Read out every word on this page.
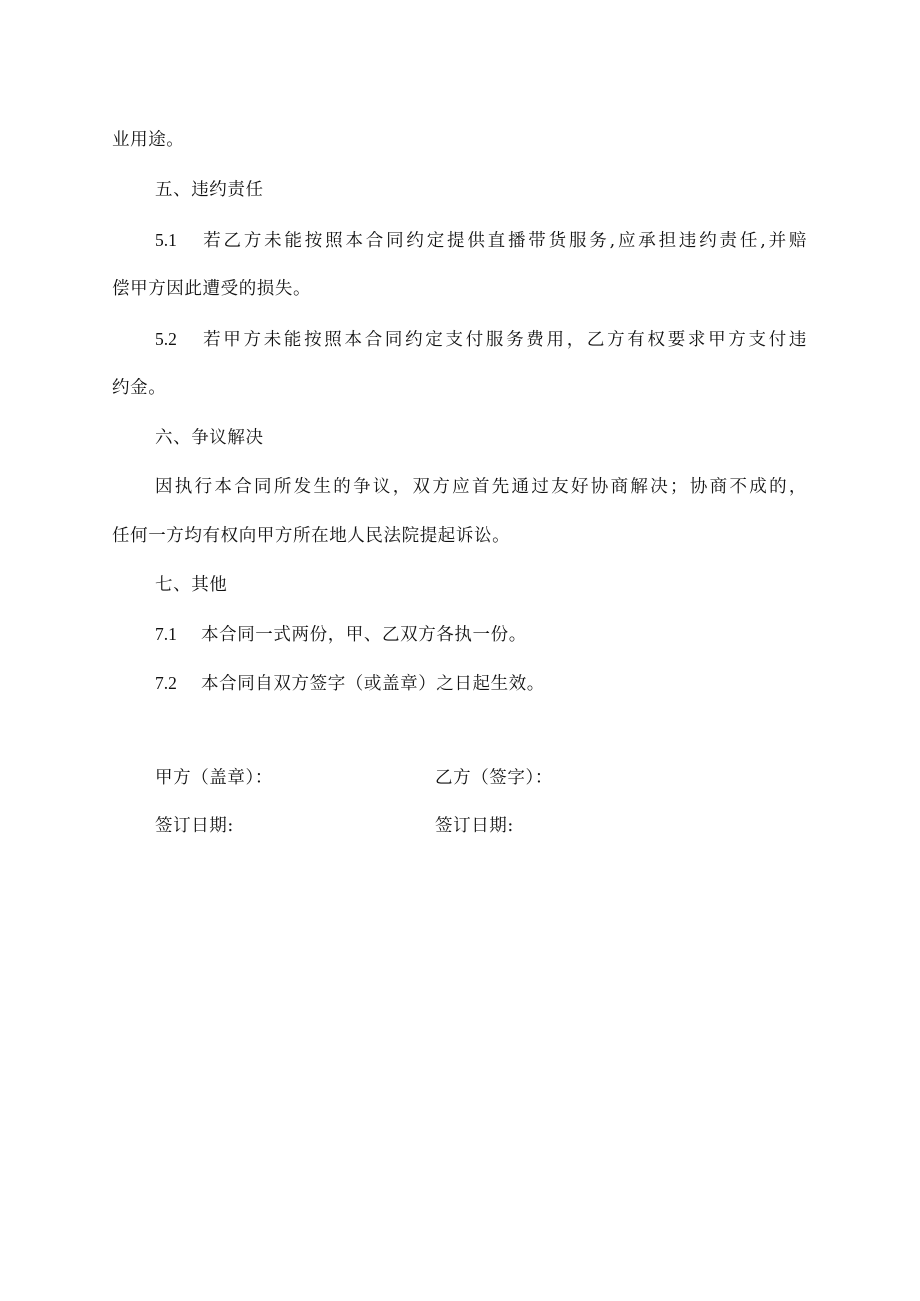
业用途。
五、违约责任
5.1 若乙方未能按照本合同约定提供直播带货服务,应承担违约责任,并赔
偿甲方因此遭受的损失。
5.2 若甲方未能按照本合同约定支付服务费用，乙方有权要求甲方支付违
约金。
六、争议解决
因执行本合同所发生的争议，双方应首先通过友好协商解决；协商不成的，
任何一方均有权向甲方所在地人民法院提起诉讼。
七、其他
7.1 本合同一式两份，甲、乙双方各执一份。
7.2 本合同自双方签字（或盖章）之日起生效。
甲方（盖章）：	乙方（签字）：
签订日期:	签订日期:
